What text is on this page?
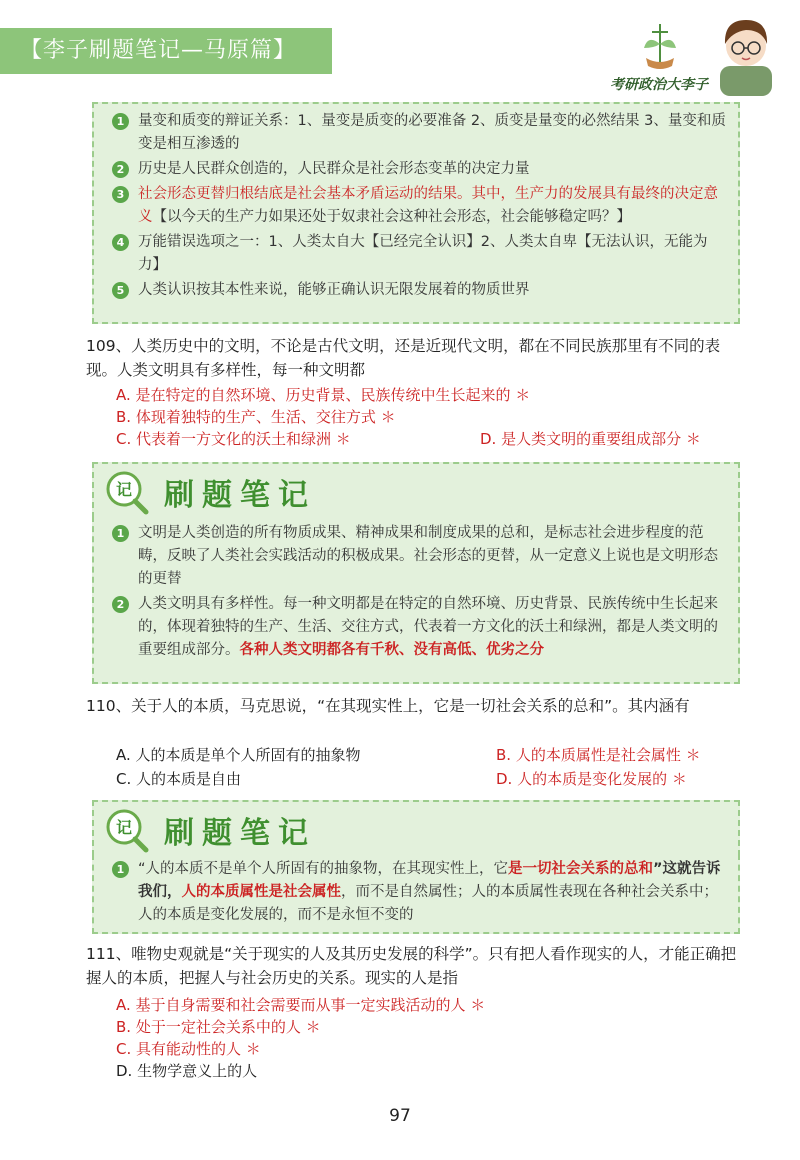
【李子刷题笔记—马原篇】
考研政治大李子
1 量变和质变的辩证关系：1、量变是质变的必要准备 2、质变是量变的必然结果 3、量变和质变是相互渗透的
2 历史是人民群众创造的，人民群众是社会形态变革的决定力量
3 社会形态更替归根结底是社会基本矛盾运动的结果。其中，生产力的发展具有最终的决定意义【以今天的生产力如果还处于奴隶社会这种社会形态，社会能够稳定吗？】
4 万能错误选项之一：1、人类太自大【已经完全认识】2、人类太自卑【无法认识，无能为力】
5 人类认识按其本性来说，能够正确认识无限发展着的物质世界
109、人类历史中的文明，不论是古代文明，还是近现代文明，都在不同民族那里有不同的表现。人类文明具有多样性，每一种文明都
A. 是在特定的自然环境、历史背景、民族传统中生长起来的 ＊
B. 体现着独特的生产、生活、交往方式 ＊
C. 代表着一方文化的沃土和绿洲 ＊	D. 是人类文明的重要组成部分 ＊
记 刷题笔记
1 文明是人类创造的所有物质成果、精神成果和制度成果的总和，是标志社会进步程度的范畴，反映了人类社会实践活动的积极成果。社会形态的更替，从一定意义上说也是文明形态的更替
2 人类文明具有多样性。每一种文明都是在特定的自然环境、历史背景、民族传统中生长起来的，体现着独特的生产、生活、交往方式，代表着一方文化的沃土和绿洲，都是人类文明的重要组成部分。各种人类文明都各有千秋、没有高低、优劣之分
110、关于人的本质，马克思说，“在其现实性上，它是一切社会关系的总和”。其内涵有
A. 人的本质是单个人所固有的抽象物	B. 人的本质属性是社会属性 ＊
C. 人的本质是自由	D. 人的本质是变化发展的 ＊
记 刷题笔记
1 “人的本质不是单个人所固有的抽象物，在其现实性上，它是一切社会关系的总和”这就告诉我们，人的本质属性是社会属性，而不是自然属性；人的本质属性表现在各种社会关系中；人的本质是变化发展的，而不是永恒不变的
111、唯物史观就是“关于现实的人及其历史发展的科学”。只有把人看作现实的人，才能正确把握人的本质，把握人与社会历史的关系。现实的人是指
A. 基于自身需要和社会需要而从事一定实践活动的人 ＊
B. 处于一定社会关系中的人 ＊
C. 具有能动性的人 ＊
D. 生物学意义上的人
97
